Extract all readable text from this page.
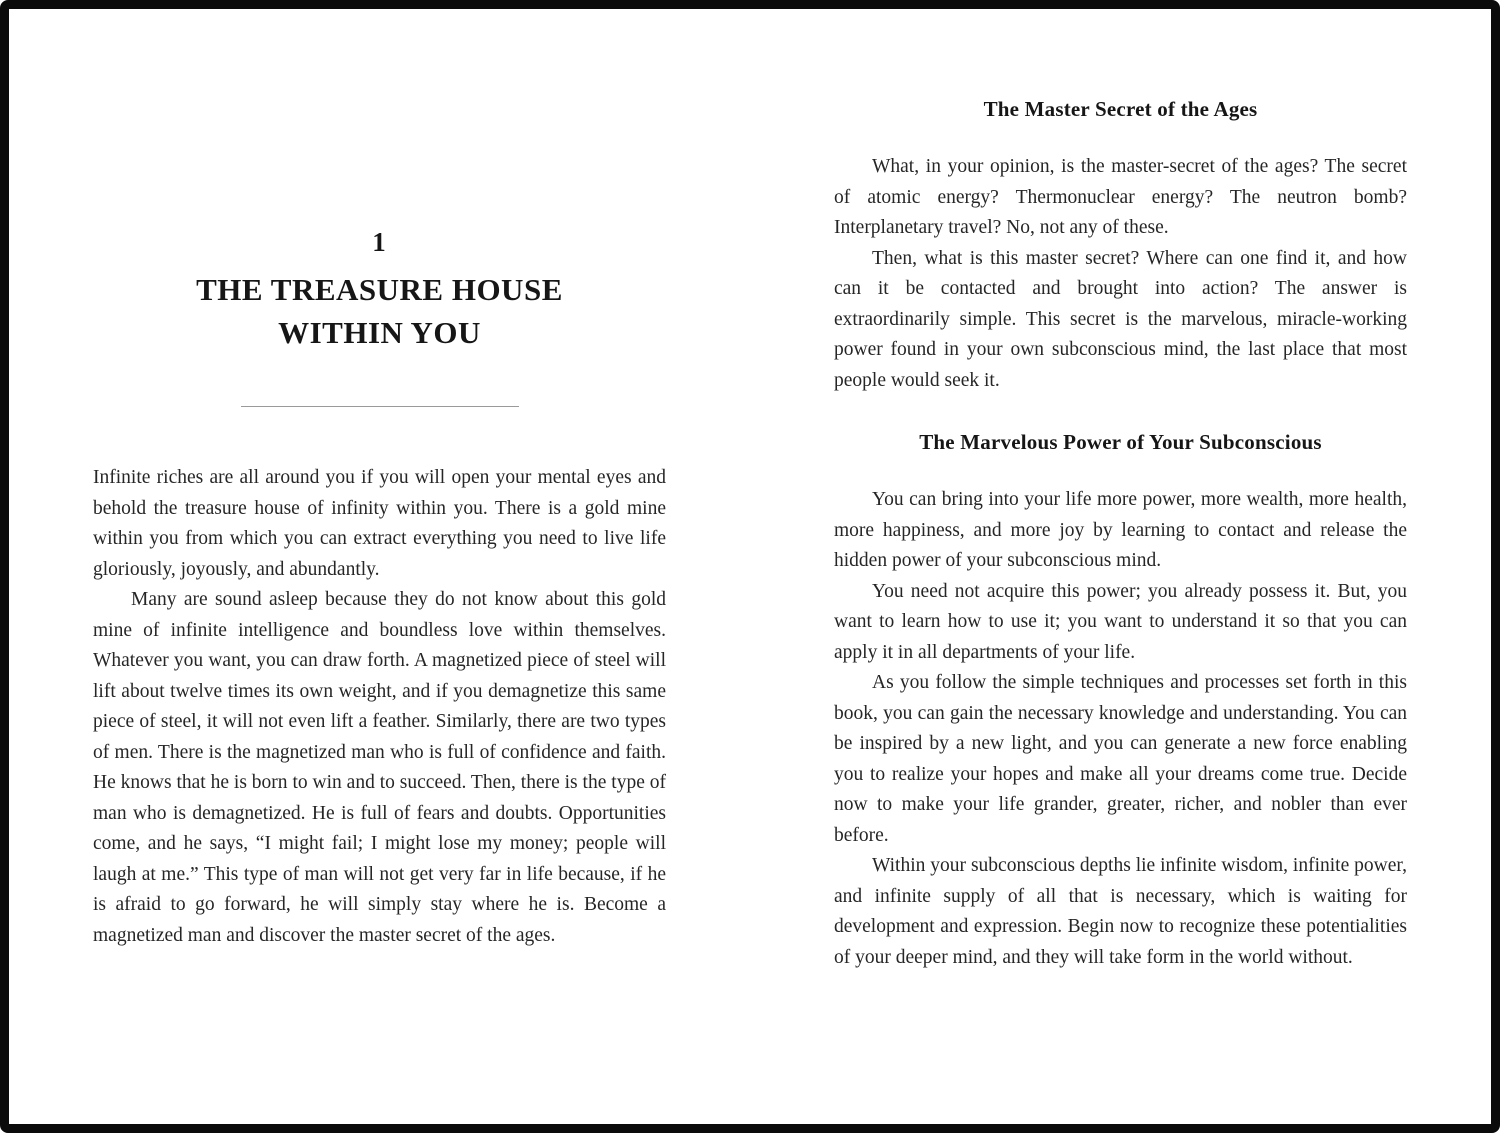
1
THE TREASURE HOUSE
WITHIN YOU

Infinite riches are all around you if you will open your mental eyes and behold the treasure house of infinity within you. There is a gold mine within you from which you can extract everything you need to live life gloriously, joyously, and abundantly.

Many are sound asleep because they do not know about this gold mine of infinite intelligence and boundless love within themselves. Whatever you want, you can draw forth. A magnetized piece of steel will lift about twelve times its own weight, and if you demagnetize this same piece of steel, it will not even lift a feather. Similarly, there are two types of men. There is the magnetized man who is full of confidence and faith. He knows that he is born to win and to succeed. Then, there is the type of man who is demagnetized. He is full of fears and doubts. Opportunities come, and he says, “I might fail; I might lose my money; people will laugh at me.” This type of man will not get very far in life because, if he is afraid to go forward, he will simply stay where he is. Become a magnetized man and discover the master secret of the ages.

The Master Secret of the Ages

What, in your opinion, is the master-secret of the ages? The secret of atomic energy? Thermonuclear energy? The neutron bomb? Interplanetary travel? No, not any of these.

Then, what is this master secret? Where can one find it, and how can it be contacted and brought into action? The answer is extraordinarily simple. This secret is the marvelous, miracle-working power found in your own subconscious mind, the last place that most people would seek it.

The Marvelous Power of Your Subconscious

You can bring into your life more power, more wealth, more health, more happiness, and more joy by learning to contact and release the hidden power of your subconscious mind.

You need not acquire this power; you already possess it. But, you want to learn how to use it; you want to understand it so that you can apply it in all departments of your life.

As you follow the simple techniques and processes set forth in this book, you can gain the necessary knowledge and understanding. You can be inspired by a new light, and you can generate a new force enabling you to realize your hopes and make all your dreams come true. Decide now to make your life grander, greater, richer, and nobler than ever before.

Within your subconscious depths lie infinite wisdom, infinite power, and infinite supply of all that is necessary, which is waiting for development and expression. Begin now to recognize these potentialities of your deeper mind, and they will take form in the world without.
